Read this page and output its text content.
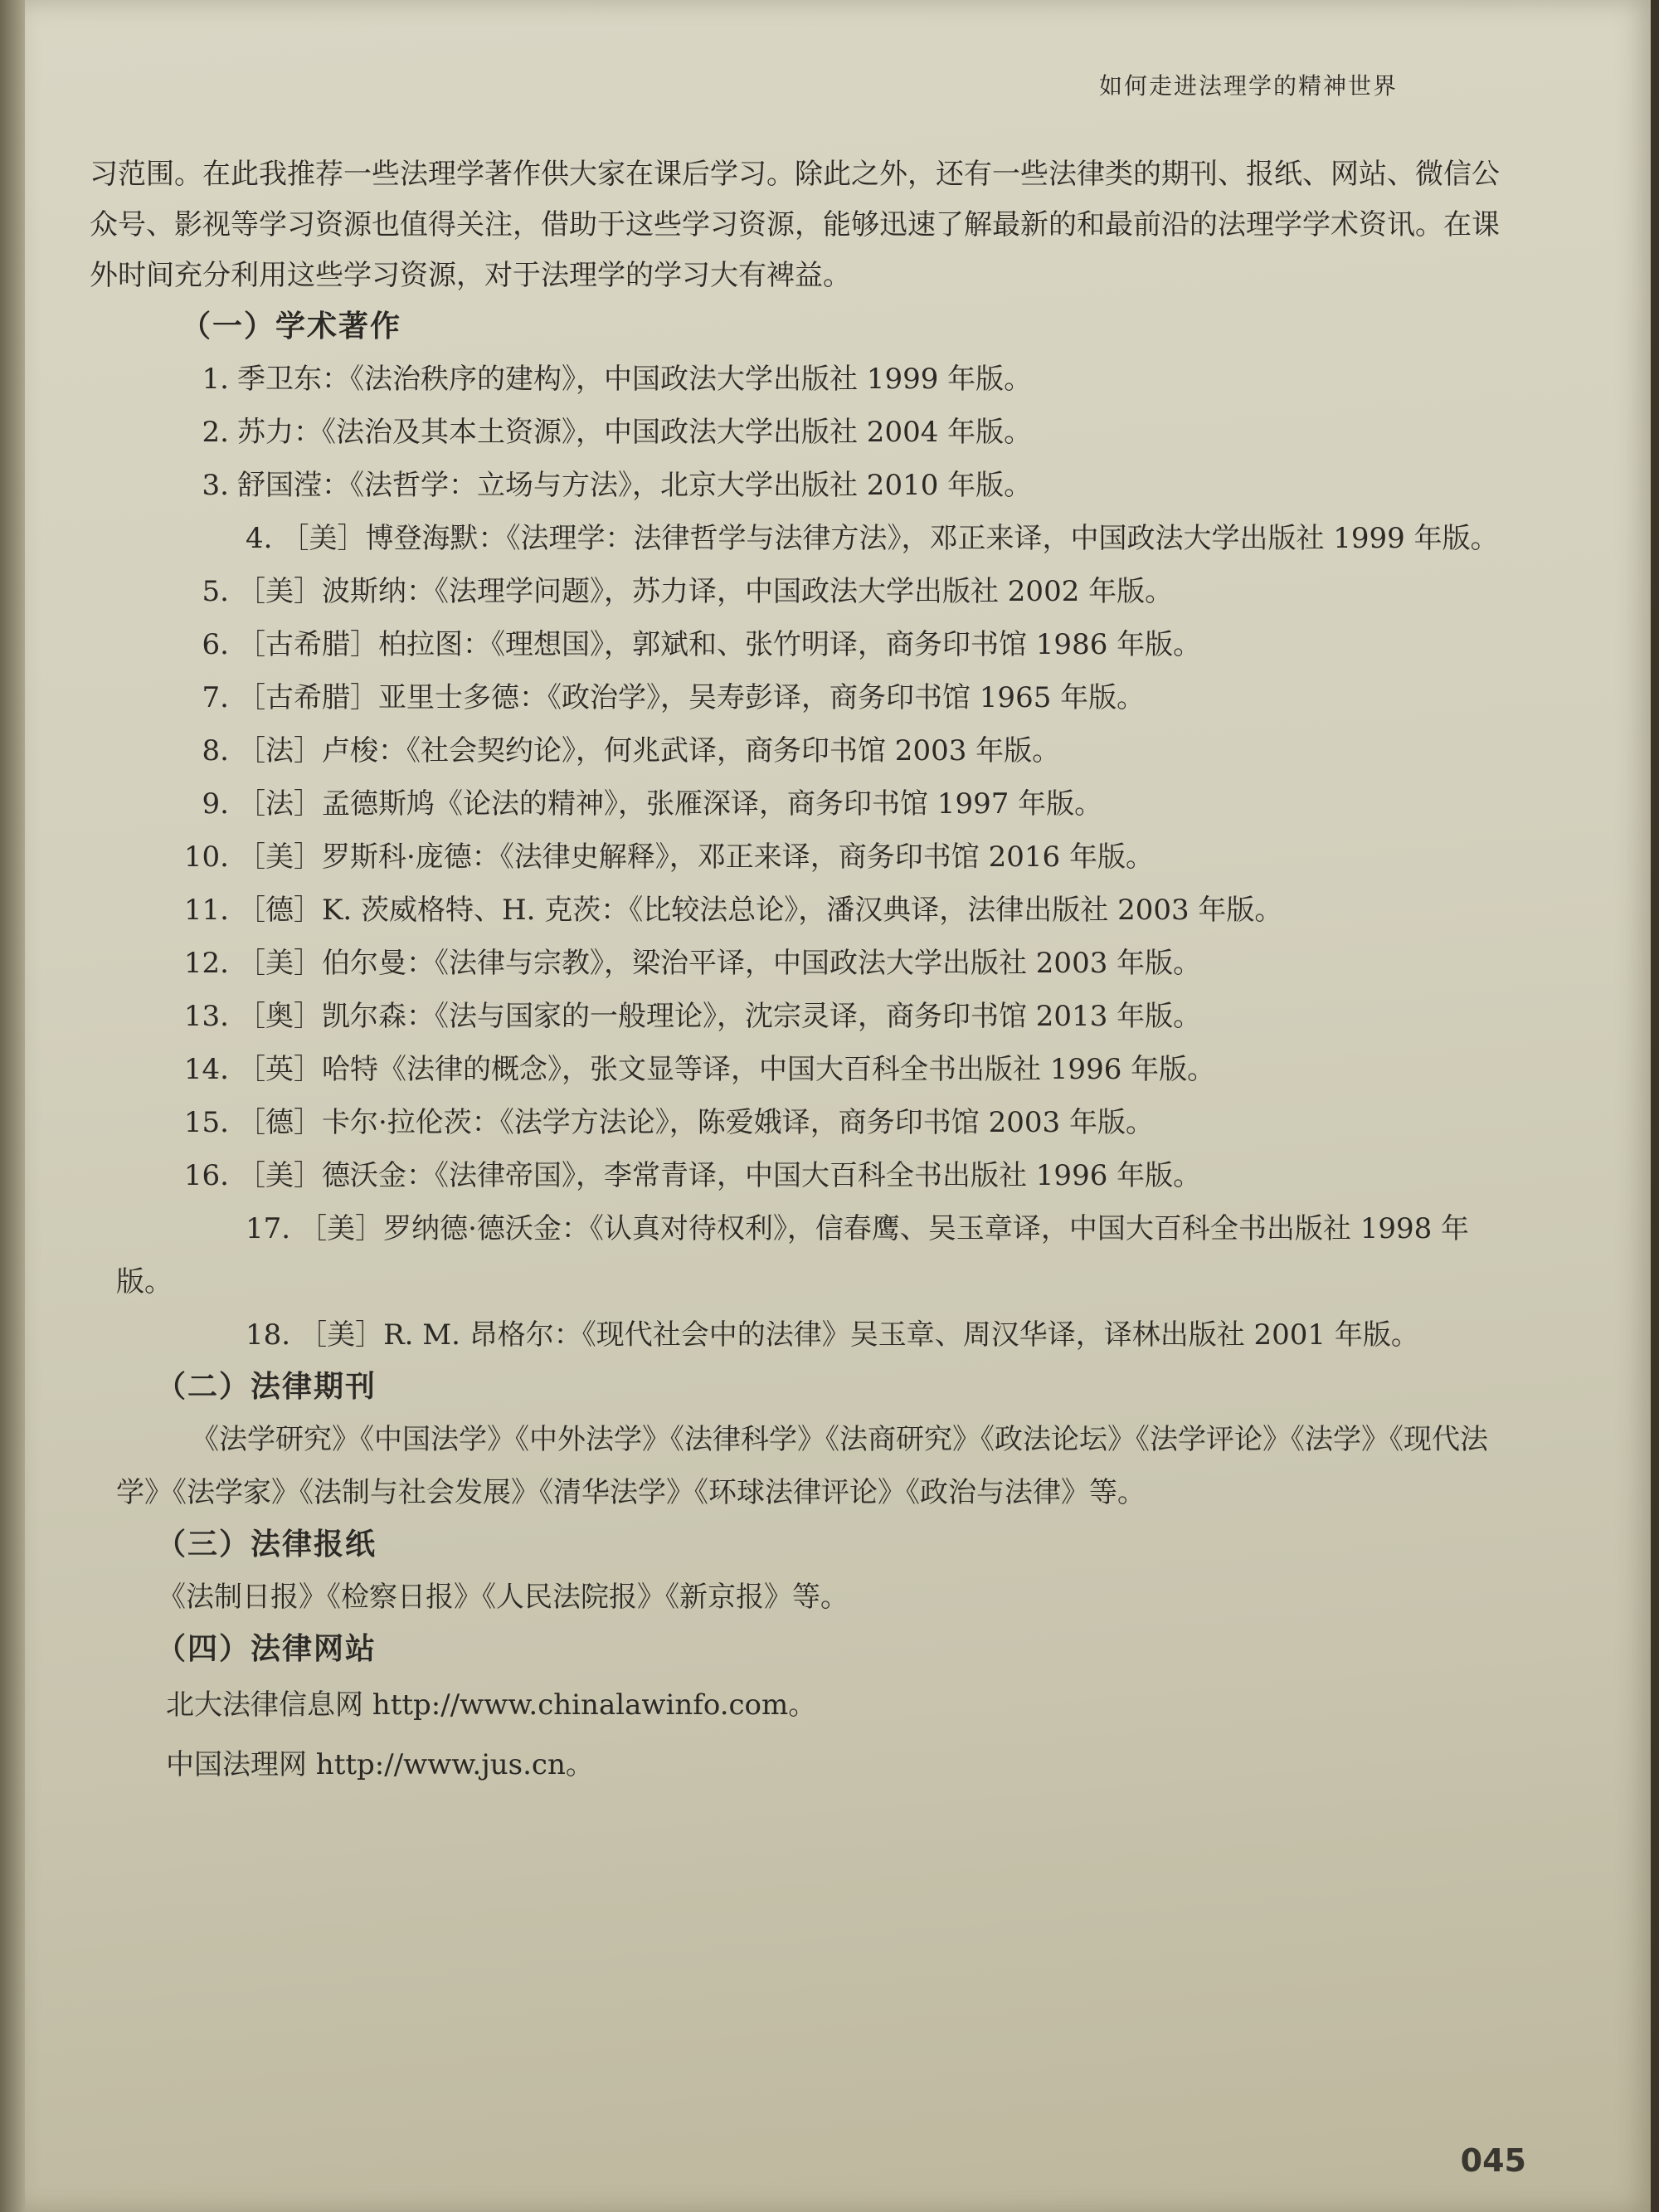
如何走进法理学的精神世界

习范围。在此我推荐一些法理学著作供大家在课后学习。除此之外，还有一些法律类的期刊、报纸、网站、微信公众号、影视等学习资源也值得关注，借助于这些学习资源，能够迅速了解最新的和最前沿的法理学学术资讯。在课外时间充分利用这些学习资源，对于法理学的学习大有裨益。

（一）学术著作

1. 季卫东：《法治秩序的建构》，中国政法大学出版社 1999 年版。

2. 苏力：《法治及其本土资源》，中国政法大学出版社 2004 年版。

3. 舒国滢：《法哲学：立场与方法》，北京大学出版社 2010 年版。

4. ［美］博登海默：《法理学：法律哲学与法律方法》，邓正来译，中国政法大学出版社 1999 年版。

5. ［美］波斯纳：《法理学问题》，苏力译，中国政法大学出版社 2002 年版。

6. ［古希腊］柏拉图：《理想国》，郭斌和、张竹明译，商务印书馆 1986 年版。

7. ［古希腊］亚里士多德：《政治学》，吴寿彭译，商务印书馆 1965 年版。

8. ［法］卢梭：《社会契约论》，何兆武译，商务印书馆 2003 年版。

9. ［法］孟德斯鸠《论法的精神》，张雁深译，商务印书馆 1997 年版。

10. ［美］罗斯科·庞德：《法律史解释》，邓正来译，商务印书馆 2016 年版。

11. ［德］K. 茨威格特、H. 克茨：《比较法总论》，潘汉典译，法律出版社 2003 年版。

12. ［美］伯尔曼：《法律与宗教》，梁治平译，中国政法大学出版社 2003 年版。

13. ［奥］凯尔森：《法与国家的一般理论》，沈宗灵译，商务印书馆 2013 年版。

14. ［英］哈特《法律的概念》，张文显等译，中国大百科全书出版社 1996 年版。

15. ［德］卡尔·拉伦茨：《法学方法论》，陈爱娥译，商务印书馆 2003 年版。

16. ［美］德沃金：《法律帝国》，李常青译，中国大百科全书出版社 1996 年版。

17. ［美］罗纳德·德沃金：《认真对待权利》，信春鹰、吴玉章译，中国大百科全书出版社 1998 年版。

18. ［美］R. M. 昂格尔：《现代社会中的法律》吴玉章、周汉华译，译林出版社 2001 年版。

（二）法律期刊

《法学研究》《中国法学》《中外法学》《法律科学》《法商研究》《政法论坛》《法学评论》《法学》《现代法学》《法学家》《法制与社会发展》《清华法学》《环球法律评论》《政治与法律》等。

（三）法律报纸

《法制日报》《检察日报》《人民法院报》《新京报》等。

（四）法律网站

北大法律信息网 http://www.chinalawinfo.com。

中国法理网 http://www.jus.cn。

045
